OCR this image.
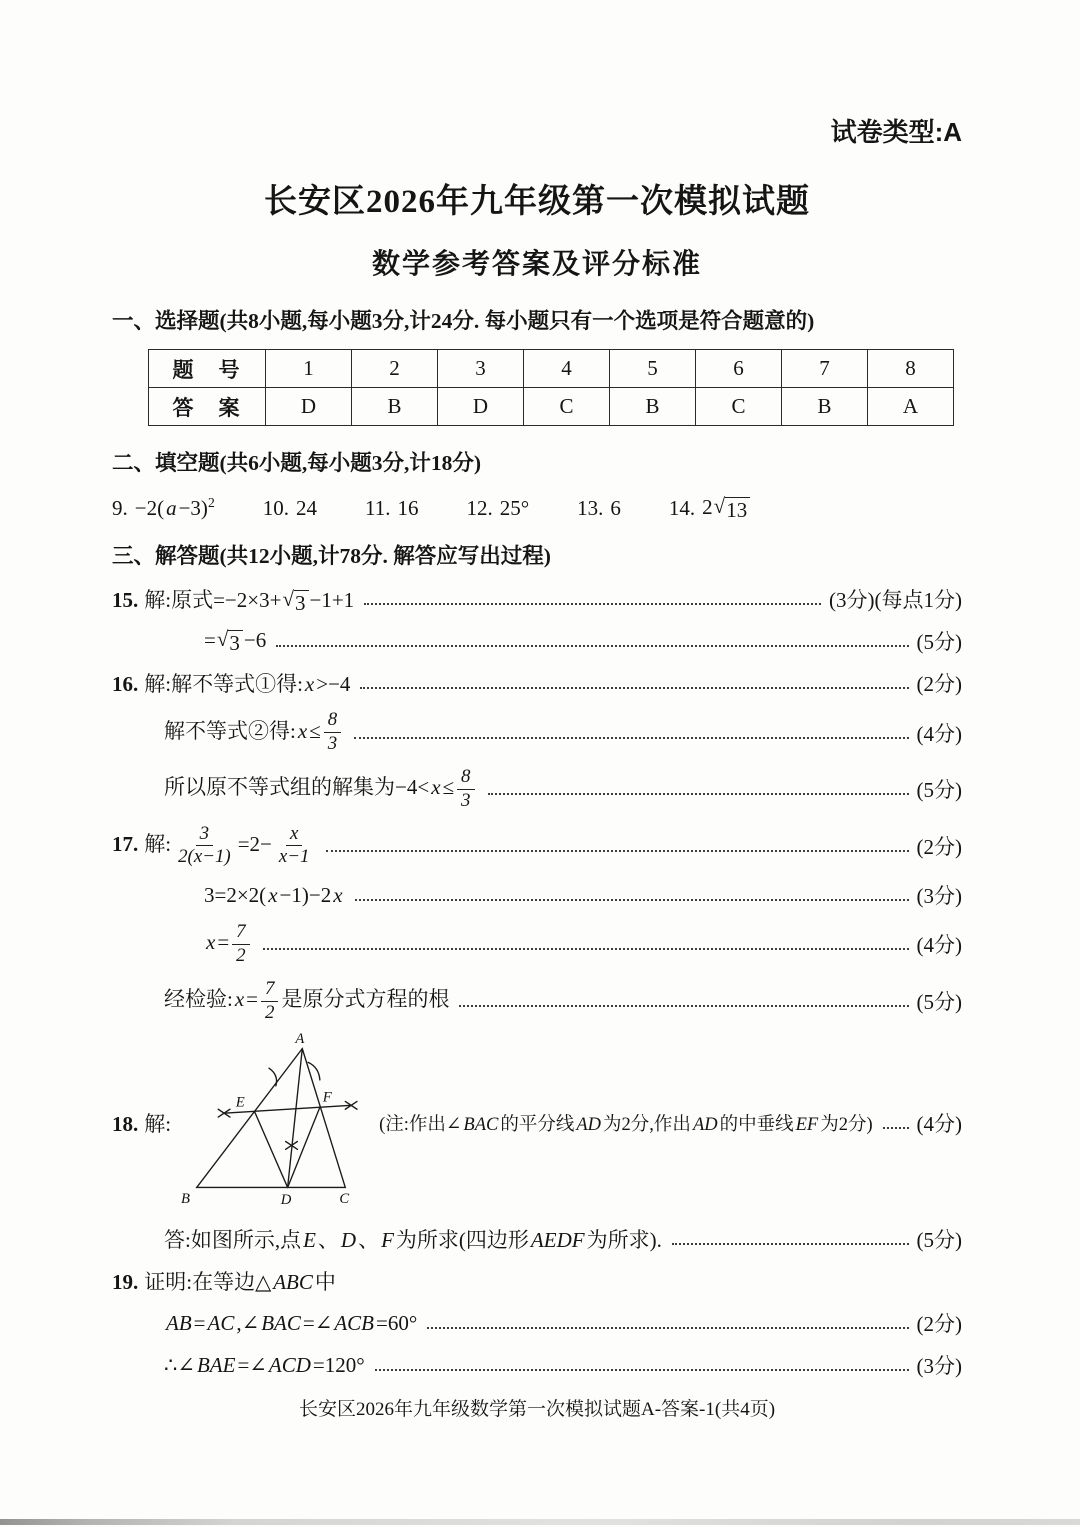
试卷类型:A
长安区2026年九年级第一次模拟试题
数学参考答案及评分标准
一、选择题(共8小题,每小题3分,计24分. 每小题只有一个选项是符合题意的)
题　号	1	2	3	4	5	6	7	8
答　案	D	B	D	C	B	C	B	A
二、填空题(共6小题,每小题3分,计18分)
9. $-2(a-3)^2$ 10. 24 11. 16 12. 25° 13. 6 14. 2 √ 13
三、解答题(共12小题,计78分. 解答应写出过程)
15. 解:原式=−2×3+ √ 3 −1+1	(3分)(每点1分)
= √ 3 −6	(5分)
16. 解:解不等式①得:x>−4	(2分)
解不等式②得:x≤ $\frac{8}{3}$	(4分)
所以原不等式组的解集为$-4<x\le \frac{8}{3}$	(5分)
17. 解: $\frac{3}{2(x-1)} =2- \frac{x}{x-1}$	(2分)
3=2×2(x−1)−2x	(3分)
$x= \frac{7}{2}$	(4分)
经检验:x= $\frac{7}{2}$ 是原分式方程的根	(5分)
18. 解:
A
B	C
D
E	F
(注:作出∠ BAC 的平分线 AD 为2分,作出 AD 的中垂线 EF 为2分) (4分)
答:如图所示,点E、D、F为所求(四边形AEDF为所求).	(5分)
19. 证明:在等边△ABC中
AB=AC,∠BAC=∠ACB=60°	(2分)
∴∠BAE=∠ACD=120°	(3分)
长安区2026年九年级数学第一次模拟试题A-答案-1(共4页)
